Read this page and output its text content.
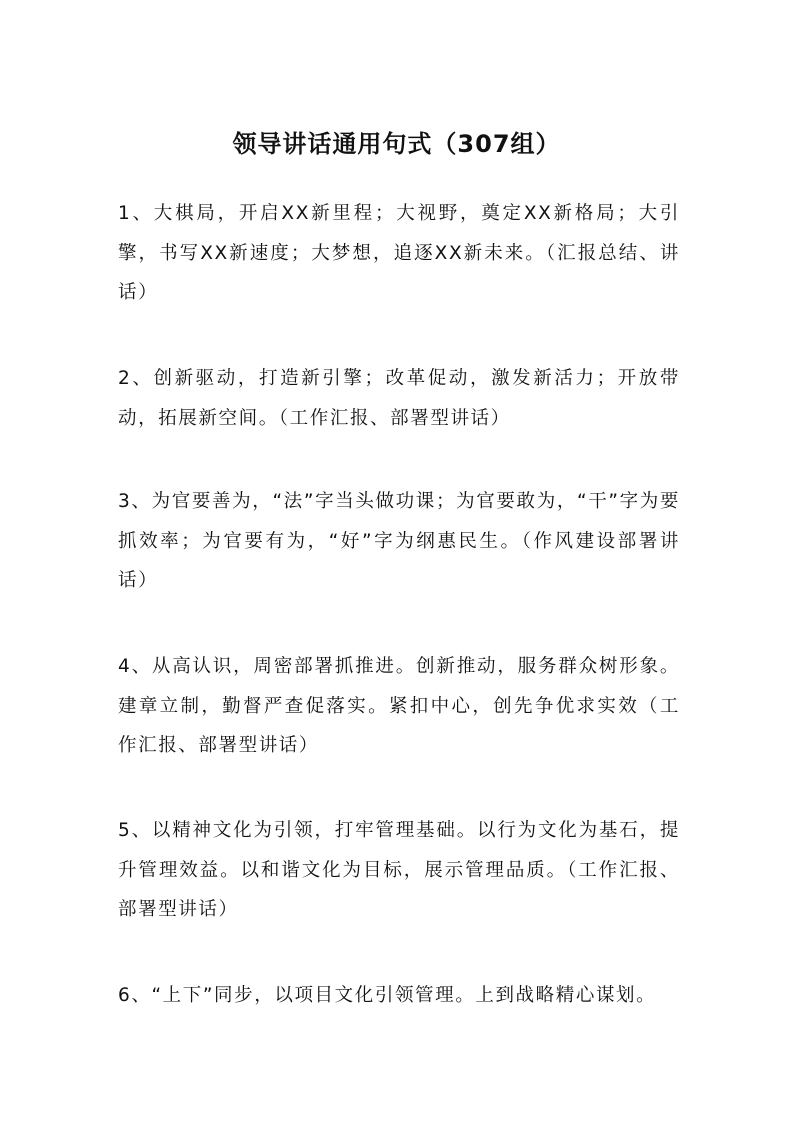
领导讲话通用句式（307组）
1、大棋局，开启XX新里程；大视野，奠定XX新格局；大引擎，书写XX新速度；大梦想，追逐XX新未来。（汇报总结、讲话）
2、创新驱动，打造新引擎；改革促动，激发新活力；开放带动，拓展新空间。（工作汇报、部署型讲话）
3、为官要善为，“法”字当头做功课；为官要敢为，“干”字为要抓效率；为官要有为，“好”字为纲惠民生。（作风建设部署讲话）
4、从高认识，周密部署抓推进。创新推动，服务群众树形象。建章立制，勤督严查促落实。紧扣中心，创先争优求实效（工作汇报、部署型讲话）
5、以精神文化为引领，打牢管理基础。以行为文化为基石，提升管理效益。以和谐文化为目标，展示管理品质。（工作汇报、部署型讲话）
6、“上下”同步，以项目文化引领管理。上到战略精心谋划。
